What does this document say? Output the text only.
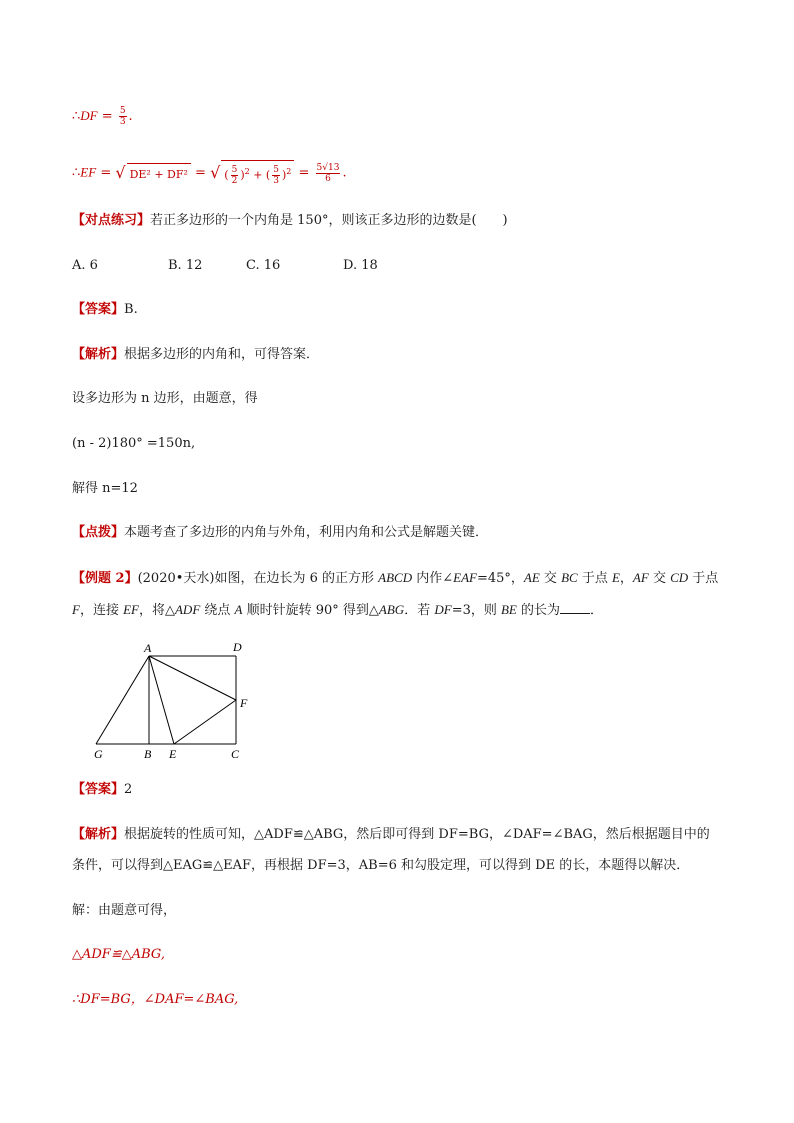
∴DF = $\frac{5}{3}$ .
∴EF = √ DE² + DF² = √ ( $\frac{5}{2} )^2$ + ( $\frac{5}{3} )^2 = \frac{5√13}{6}$ .
【对点练习】若正多边形的一个内角是 150°，则该正多边形的边数是(　　)
A. 6	B. 12	C. 16	D. 18
【答案】B.
【解析】根据多边形的内角和，可得答案．
设多边形为 n 边形，由题意，得
(n - 2)180° =150n,
解得 n=12
【点拨】本题考查了多边形的内角与外角，利用内角和公式是解题关键．
【例题 2】(2020•天水)如图，在边长为 6 的正方形 ABCD 内作∠EAF=45°，AE 交 BC 于点 E，AF 交 CD 于点
F，连接 EF，将△ADF 绕点 A 顺时针旋转 90° 得到△ABG．若 DF=3，则 BE 的长为 ．
A	D
F
G	B E	C
【答案】2
【解析】根据旋转的性质可知，△ADF≌△ABG，然后即可得到 DF=BG，∠DAF=∠BAG，然后根据题目中的
条件，可以得到△EAG≌△EAF，再根据 DF=3，AB=6 和勾股定理，可以得到 DE 的长，本题得以解决．
解：由题意可得，
△ADF≌△ABG,
∴DF=BG，∠DAF=∠BAG,
